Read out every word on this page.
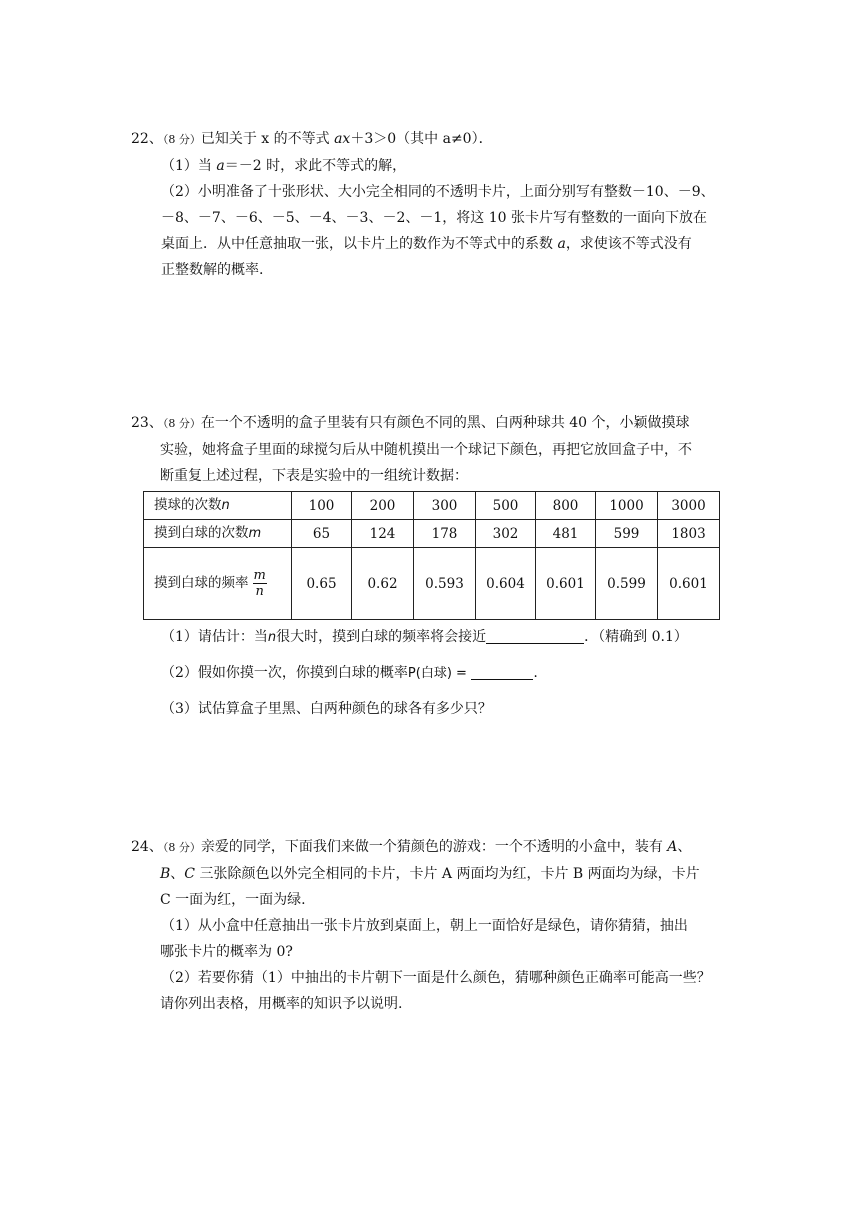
22、（8 分）已知关于 x 的不等式 ax＋3＞0（其中 a≠0）．

（1）当 a＝－2 时，求此不等式的解，

（2）小明准备了十张形状、大小完全相同的不透明卡片，上面分别写有整数－10、－9、

－8、－7、－6、－5、－4、－3、－2、－1，将这 10 张卡片写有整数的一面向下放在

桌面上．从中任意抽取一张，以卡片上的数作为不等式中的系数 a，求使该不等式没有

正整数解的概率.

23、（8 分）在一个不透明的盒子里装有只有颜色不同的黑、白两种球共 40 个，小颖做摸球

实验，她将盒子里面的球搅匀后从中随机摸出一个球记下颜色，再把它放回盒子中，不

断重复上述过程，下表是实验中的一组统计数据：

摸球的次数n	100	200	300	500	800	1000	3000
摸到白球的次数m	65	124	178	302	481	599	1803
摸到白球的频率 $\frac{m}{n}$	0.65	0.62	0.593	0.604	0.601	0.599	0.601

（1）请估计：当n很大时，摸到白球的频率将会接近	．（精确到 0.1）

（2）假如你摸一次，你摸到白球的概率P(白球) =	.

（3）试估算盒子里黑、白两种颜色的球各有多少只？

24、（8 分）亲爱的同学，下面我们来做一个猜颜色的游戏：一个不透明的小盒中，装有 A、

B、C 三张除颜色以外完全相同的卡片，卡片 A 两面均为红，卡片 B 两面均为绿，卡片

C 一面为红，一面为绿.

（1）从小盒中任意抽出一张卡片放到桌面上，朝上一面恰好是绿色，请你猜猜，抽出

哪张卡片的概率为 0?

（2）若要你猜（1）中抽出的卡片朝下一面是什么颜色，猜哪种颜色正确率可能高一些？

请你列出表格，用概率的知识予以说明.
